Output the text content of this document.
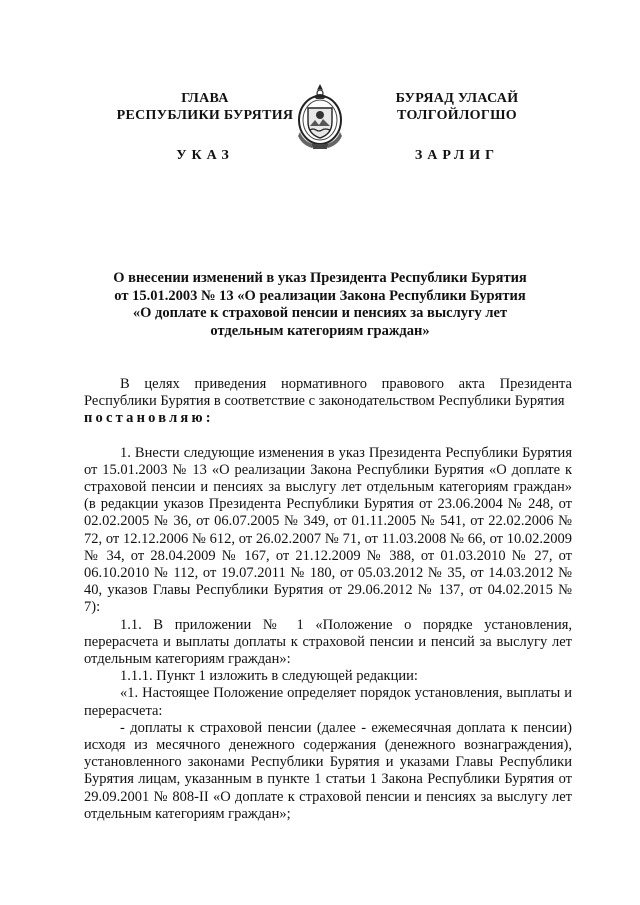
ГЛАВА
РЕСПУБЛИКИ БУРЯТИЯ
УКАЗ
БУРЯАД УЛАСАЙ
ТОЛГОЙЛОГШО
ЗАРЛИГ
О внесении изменений в указ Президента Республики Бурятия
от 15.01.2003 № 13 «О реализации Закона Республики Бурятия
«О доплате к страховой пенсии и пенсиях за выслугу лет
отдельным категориям граждан»

В целях приведения нормативного правового акта Президента Республики Бурятия в соответствие с законодательством Республики Бурятия

постановляю:

1. Внести следующие изменения в указ Президента Республики Бурятия от 15.01.2003 № 13 «О реализации Закона Республики Бурятия «О доплате к страховой пенсии и пенсиях за выслугу лет отдельным категориям граждан» (в редакции указов Президента Республики Бурятия от 23.06.2004 № 248, от 02.02.2005 № 36, от 06.07.2005 № 349, от 01.11.2005 № 541, от 22.02.2006 № 72, от 12.12.2006 № 612, от 26.02.2007 № 71, от 11.03.2008 № 66, от 10.02.2009 № 34, от 28.04.2009 № 167, от 21.12.2009 № 388, от 01.03.2010 № 27, от 06.10.2010 № 112, от 19.07.2011 № 180, от 05.03.2012 № 35, от 14.03.2012 № 40, указов Главы Республики Бурятия от 29.06.2012 № 137, от 04.02.2015 № 7):

1.1. В приложении № 1 «Положение о порядке установления, перерасчета и выплаты доплаты к страховой пенсии и пенсий за выслугу лет отдельным категориям граждан»:

1.1.1. Пункт 1 изложить в следующей редакции:

«1. Настоящее Положение определяет порядок установления, выплаты и перерасчета:

- доплаты к страховой пенсии (далее - ежемесячная доплата к пенсии) исходя из месячного денежного содержания (денежного вознаграждения), установленного законами Республики Бурятия и указами Главы Республики Бурятия лицам, указанным в пункте 1 статьи 1 Закона Республики Бурятия от 29.09.2001 № 808-II «О доплате к страховой пенсии и пенсиях за выслугу лет отдельным категориям граждан»;
